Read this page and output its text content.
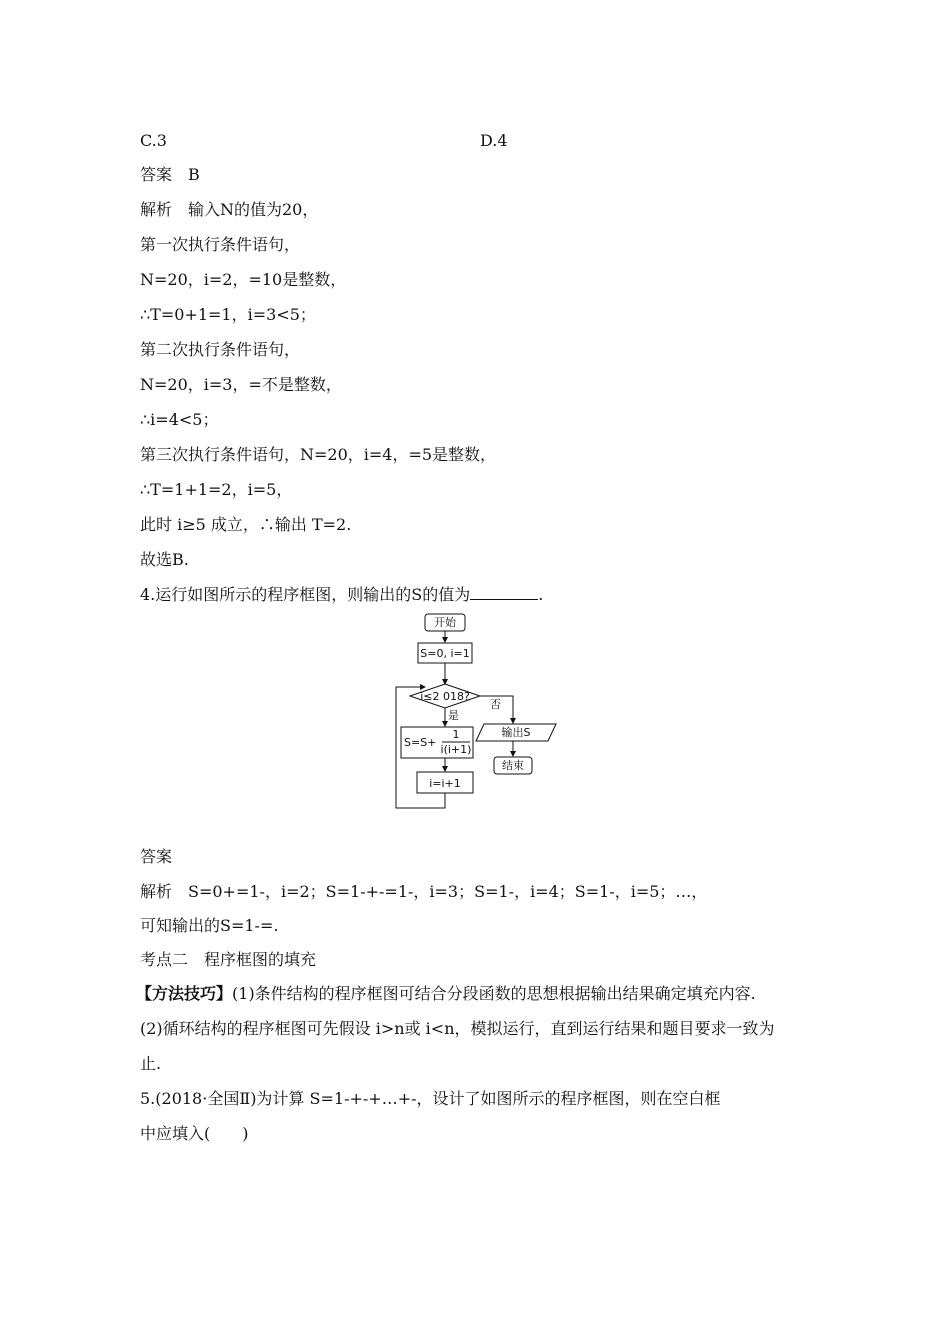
C.3	D.4
答案　B
解析　输入N的值为20，
第一次执行条件语句，
N=20，i=2，=10是整数，
∴T=0+1=1，i=3<5；
第二次执行条件语句，
N=20，i=3，=不是整数，
∴i=4<5；
第三次执行条件语句，N=20，i=4，=5是整数，
∴T=1+1=2，i=5，
此时 i≥5 成立，∴输出 T=2.
故选B.
4.运行如图所示的程序框图，则输出的S的值为	.
开始
S=0, i=1
i≤2 018?
否
是
S=S+
1
i(i+1)
输出S
结束
i=i+1
答案
解析　S=0+=1-，i=2；S=1-+-=1-，i=3；S=1-，i=4；S=1-，i=5；…，
可知输出的S=1-=.
考点二　程序框图的填充
【方法技巧】(1)条件结构的程序框图可结合分段函数的思想根据输出结果确定填充内容.
(2)循环结构的程序框图可先假设 i>n或 i<n，模拟运行，直到运行结果和题目要求一致为
止.
5.(2018·全国Ⅱ)为计算 S=1-+-+…+-，设计了如图所示的程序框图，则在空白框
中应填入(　　)
